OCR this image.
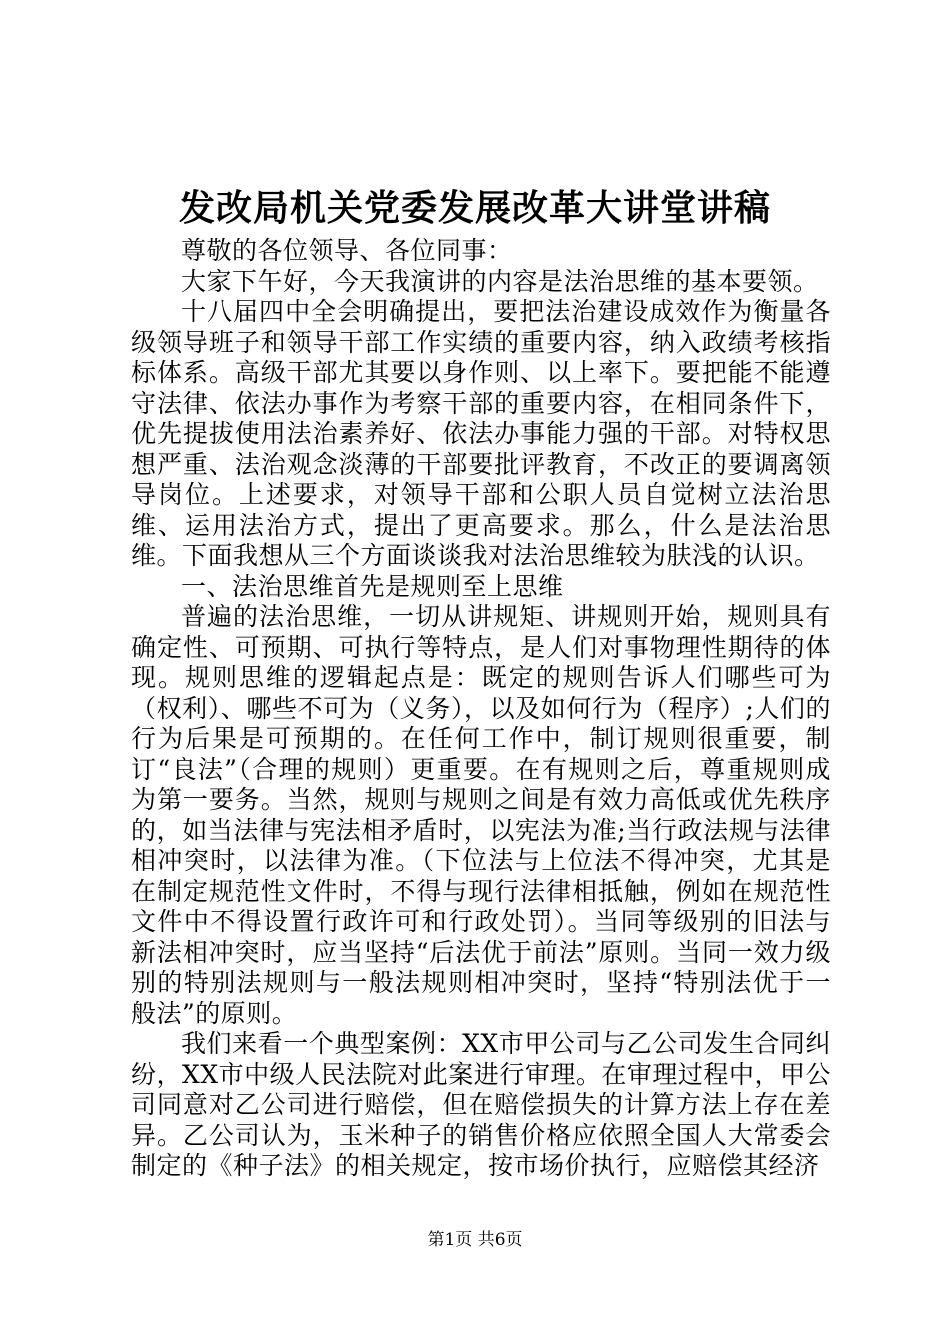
发改局机关党委发展改革大讲堂讲稿

尊敬的各位领导、各位同事：

大家下午好，今天我演讲的内容是法治思维的基本要领。

十八届四中全会明确提出，要把法治建设成效作为衡量各级领导班子和领导干部工作实绩的重要内容，纳入政绩考核指标体系。高级干部尤其要以身作则、以上率下。要把能不能遵守法律、依法办事作为考察干部的重要内容，在相同条件下，优先提拔使用法治素养好、依法办事能力强的干部。对特权思想严重、法治观念淡薄的干部要批评教育，不改正的要调离领导岗位。上述要求，对领导干部和公职人员自觉树立法治思维、运用法治方式，提出了更高要求。那么，什么是法治思维。下面我想从三个方面谈谈我对法治思维较为肤浅的认识。

一、法治思维首先是规则至上思维

普遍的法治思维，一切从讲规矩、讲规则开始，规则具有确定性、可预期、可执行等特点，是人们对事物理性期待的体现。规则思维的逻辑起点是：既定的规则告诉人们哪些可为（权利）、哪些不可为（义务），以及如何行为（程序）;人们的行为后果是可预期的。在任何工作中，制订规则很重要，制订“良法”（合理的规则）更重要。在有规则之后，尊重规则成为第一要务。当然，规则与规则之间是有效力高低或优先秩序的，如当法律与宪法相矛盾时，以宪法为准;当行政法规与法律相冲突时，以法律为准。（下位法与上位法不得冲突，尤其是在制定规范性文件时，不得与现行法律相抵触，例如在规范性文件中不得设置行政许可和行政处罚）。当同等级别的旧法与新法相冲突时，应当坚持“后法优于前法”原则。当同一效力级别的特别法规则与一般法规则相冲突时，坚持“特别法优于一般法”的原则。

我们来看一个典型案例：XX市甲公司与乙公司发生合同纠纷，XX市中级人民法院对此案进行审理。在审理过程中，甲公司同意对乙公司进行赔偿，但在赔偿损失的计算方法上存在差异。乙公司认为，玉米种子的销售价格应依照全国人大常委会制定的《种子法》的相关规定，按市场价执行，应赔偿其经济

第1页 共6页
